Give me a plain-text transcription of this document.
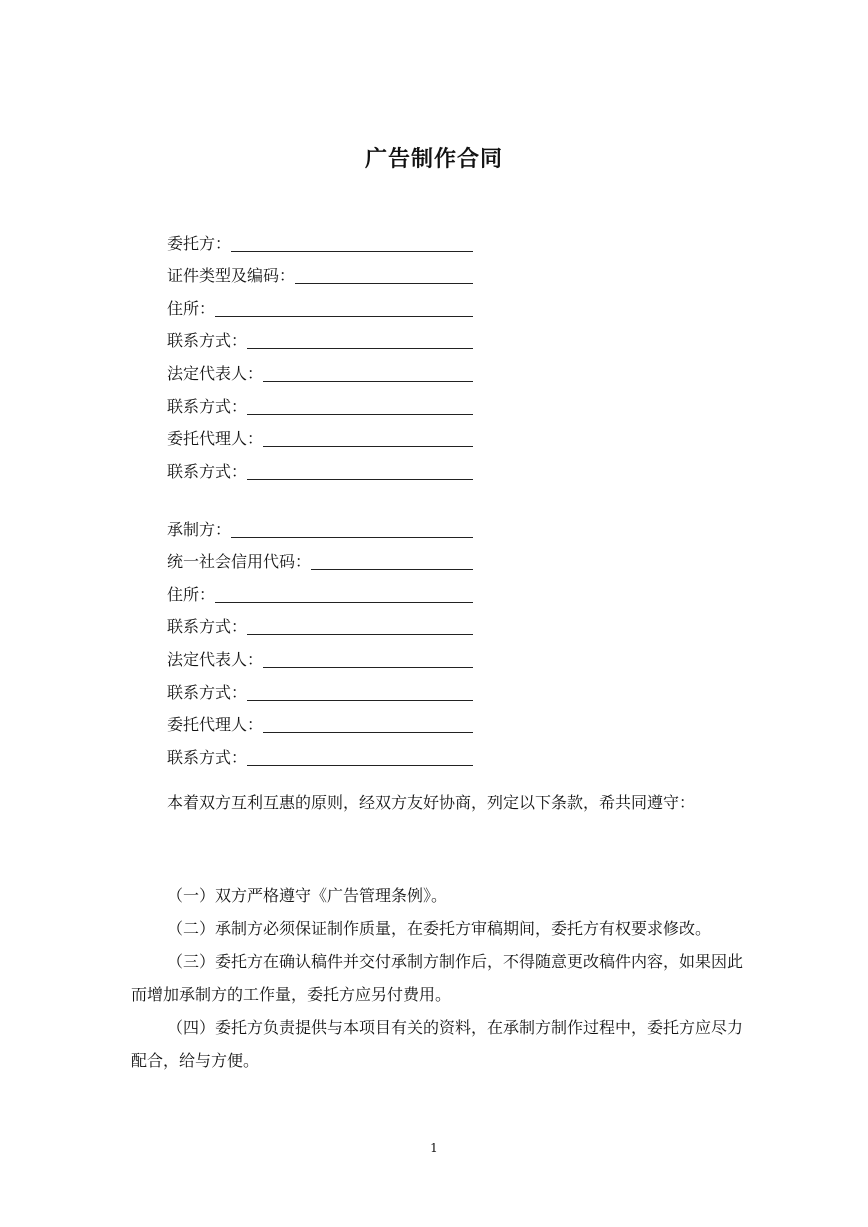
广告制作合同
委托方：
证件类型及编码：
住所：
联系方式：
法定代表人：
联系方式：
委托代理人：
联系方式：
承制方：
统一社会信用代码：
住所：
联系方式：
法定代表人：
联系方式：
委托代理人：
联系方式：
本着双方互利互惠的原则，经双方友好协商，列定以下条款，希共同遵守：

（一）双方严格遵守《广告管理条例》。

（二）承制方必须保证制作质量，在委托方审稿期间，委托方有权要求修改。

（三）委托方在确认稿件并交付承制方制作后，不得随意更改稿件内容，如果因此而增加承制方的工作量，委托方应另付费用。

（四）委托方负责提供与本项目有关的资料，在承制方制作过程中，委托方应尽力配合，给与方便。

1
